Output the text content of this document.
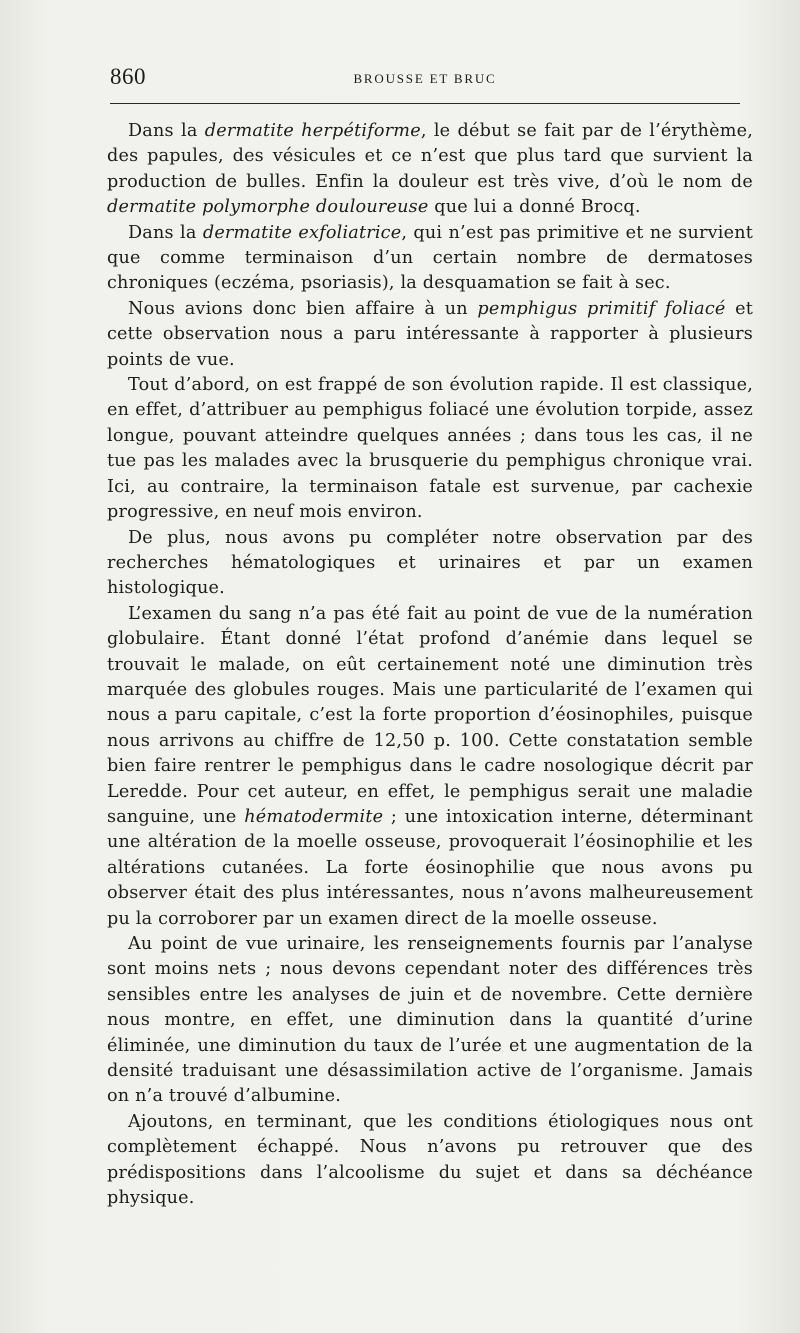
860	BROUSSE ET BRUC

Dans la dermatite herpétiforme, le début se fait par de l’érythème, des papules, des vésicules et ce n’est que plus tard que survient la production de bulles. Enfin la douleur est très vive, d’où le nom de dermatite polymorphe douloureuse que lui a donné Brocq.

Dans la dermatite exfoliatrice, qui n’est pas primitive et ne survient que comme terminaison d’un certain nombre de dermatoses chroniques (eczéma, psoriasis), la desquamation se fait à sec.

Nous avions donc bien affaire à un pemphigus primitif foliacé et cette observation nous a paru intéressante à rapporter à plusieurs points de vue.

Tout d’abord, on est frappé de son évolution rapide. Il est classique, en effet, d’attribuer au pemphigus foliacé une évolution torpide, assez longue, pouvant atteindre quelques années ; dans tous les cas, il ne tue pas les malades avec la brusquerie du pemphigus chronique vrai. Ici, au contraire, la terminaison fatale est survenue, par cachexie progressive, en neuf mois environ.

De plus, nous avons pu compléter notre observation par des recherches hématologiques et urinaires et par un examen histologique.

L’examen du sang n’a pas été fait au point de vue de la numération globulaire. Étant donné l’état profond d’anémie dans lequel se trouvait le malade, on eût certainement noté une diminution très marquée des globules rouges. Mais une particularité de l’examen qui nous a paru capitale, c’est la forte proportion d’éosinophiles, puisque nous arrivons au chiffre de 12,50 p. 100. Cette constatation semble bien faire rentrer le pemphigus dans le cadre nosologique décrit par Leredde. Pour cet auteur, en effet, le pemphigus serait une maladie sanguine, une hématodermite ; une intoxication interne, déterminant une altération de la moelle osseuse, provoquerait l’éosinophilie et les altérations cutanées. La forte éosinophilie que nous avons pu observer était des plus intéressantes, nous n’avons malheureusement pu la corroborer par un examen direct de la moelle osseuse.

Au point de vue urinaire, les renseignements fournis par l’analyse sont moins nets ; nous devons cependant noter des différences très sensibles entre les analyses de juin et de novembre. Cette dernière nous montre, en effet, une diminution dans la quantité d’urine éliminée, une diminution du taux de l’urée et une augmentation de la densité traduisant une désassimilation active de l’organisme. Jamais on n’a trouvé d’albumine.

Ajoutons, en terminant, que les conditions étiologiques nous ont complètement échappé. Nous n’avons pu retrouver que des prédispositions dans l’alcoolisme du sujet et dans sa déchéance physique.
